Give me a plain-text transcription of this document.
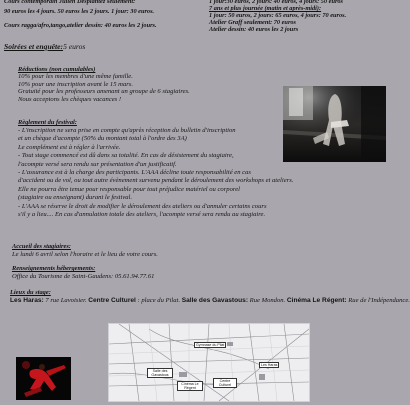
Cours contemporain Julien Desplantez seulement:
90 euros les 4 jours. 50 euros les 2 jours. 1 jour: 30 euros.
Cours ragga/afro,tango,atelier dessin: 40 euros les 2 jours.
1 jour:30 euros, 2 jours: 40 euros, 4 jours: 50 euros
7 ans et plus journée (matin et après-midi):
1 jour: 50 euros, 2 jours: 65 euros, 4 jours: 70 euros.
Atelier Graff seulement: 70 euros
Atelier dessin: 40 euros les 2 jours
Soirées et enquête:5 euros
Réductions (non cumulables)
10% pour les membres d'une même famille.
10% pour une inscription avant le 15 mars.
Gratuité pour les professeurs amenant un groupe de 6 stagiaires.
Nous acceptons les chèques vacances !
Règlement du festival:
- L'inscription ne sera prise en compte qu'après réception du bulletin d'inscription
et un chèque d'acompte (50% du montant total à l'ordre des 3A)
Le complément est à régler à l'arrivée.
- Tout stage commencé est dû dans sa totalité. En cas de désistement du stagiaire,
l'acompte versé sera rendu sur présentation d'un justificatif.
- L'assurance est à la charge des participants. L'AAA décline toute responsabilité en cas
d'accident ou de vol, ou tout autre évènement survenu pendant le déroulement des workshops et ateliers.
Elle ne pourra être tenue pour responsable pour tout préjudice matériel ou corporel
(stagiaire ou enseignant) durant le festival.
- L'AAA se réserve le droit de modifier le déroulement des ateliers ou d'annuler certains cours
s'il y a lieu.... En cas d'annulation totale des ateliers, l'acompte versé sera rendu au stagiaire.
Accueil des stagiaires:
Le lundi 6 avril selon l'horaire et le lieu de votre cours.
Renseignements hébergements:
Office du Tourisme de Saint-Gaudens: 05.61.94.77.61
Lieux du stage:
Les Haras: 7 rue Lavoisier. Centre Culturel : place du Pilat. Salle des Gavastous: Rue Mondon. Cinéma Le Régent: Rue de l'Indépendance.
Gymnase du Pilat
Salle des Gavastous
Cinéma Le Régent
Centre Culturel
Les Haras
